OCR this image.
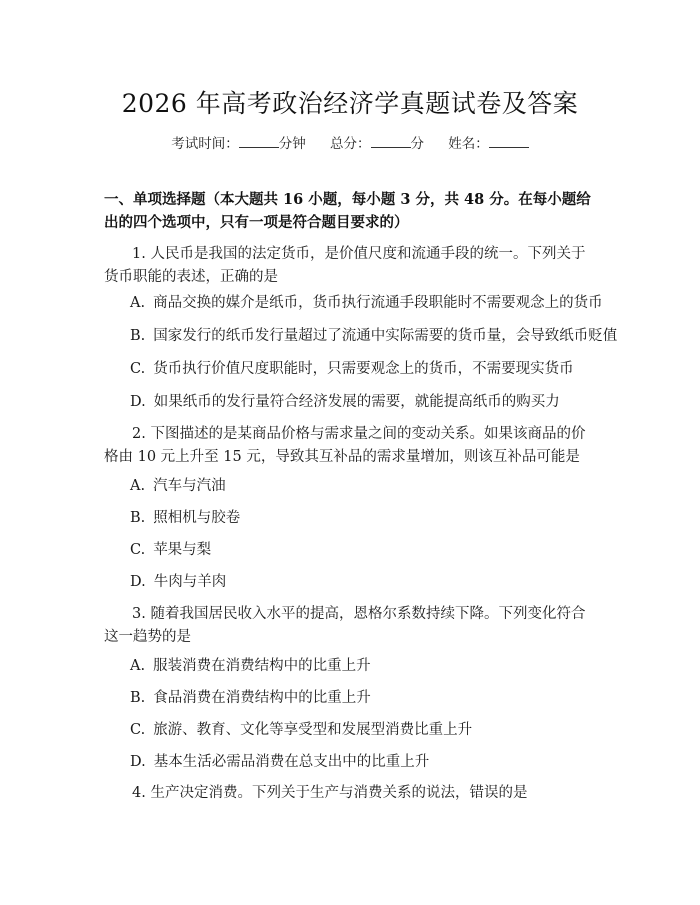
2026 年高考政治经济学真题试卷及答案
考试时间：	分钟 总分：	分 姓名：
一、单项选择题（本大题共 16 小题，每小题 3 分，共 48 分。在每小题给出的四个选项中，只有一项是符合题目要求的）
1. 人民币是我国的法定货币，是价值尺度和流通手段的统一。下列关于货币职能的表述，正确的是
A. 商品交换的媒介是纸币，货币执行流通手段职能时不需要观念上的货币
B. 国家发行的纸币发行量超过了流通中实际需要的货币量，会导致纸币贬值
C. 货币执行价值尺度职能时，只需要观念上的货币，不需要现实货币
D. 如果纸币的发行量符合经济发展的需要，就能提高纸币的购买力
2. 下图描述的是某商品价格与需求量之间的变动关系。如果该商品的价格由 10 元上升至 15 元，导致其互补品的需求量增加，则该互补品可能是
A. 汽车与汽油
B. 照相机与胶卷
C. 苹果与梨
D. 牛肉与羊肉
3. 随着我国居民收入水平的提高，恩格尔系数持续下降。下列变化符合这一趋势的是
A. 服装消费在消费结构中的比重上升
B. 食品消费在消费结构中的比重上升
C. 旅游、教育、文化等享受型和发展型消费比重上升
D. 基本生活必需品消费在总支出中的比重上升
4. 生产决定消费。下列关于生产与消费关系的说法，错误的是
